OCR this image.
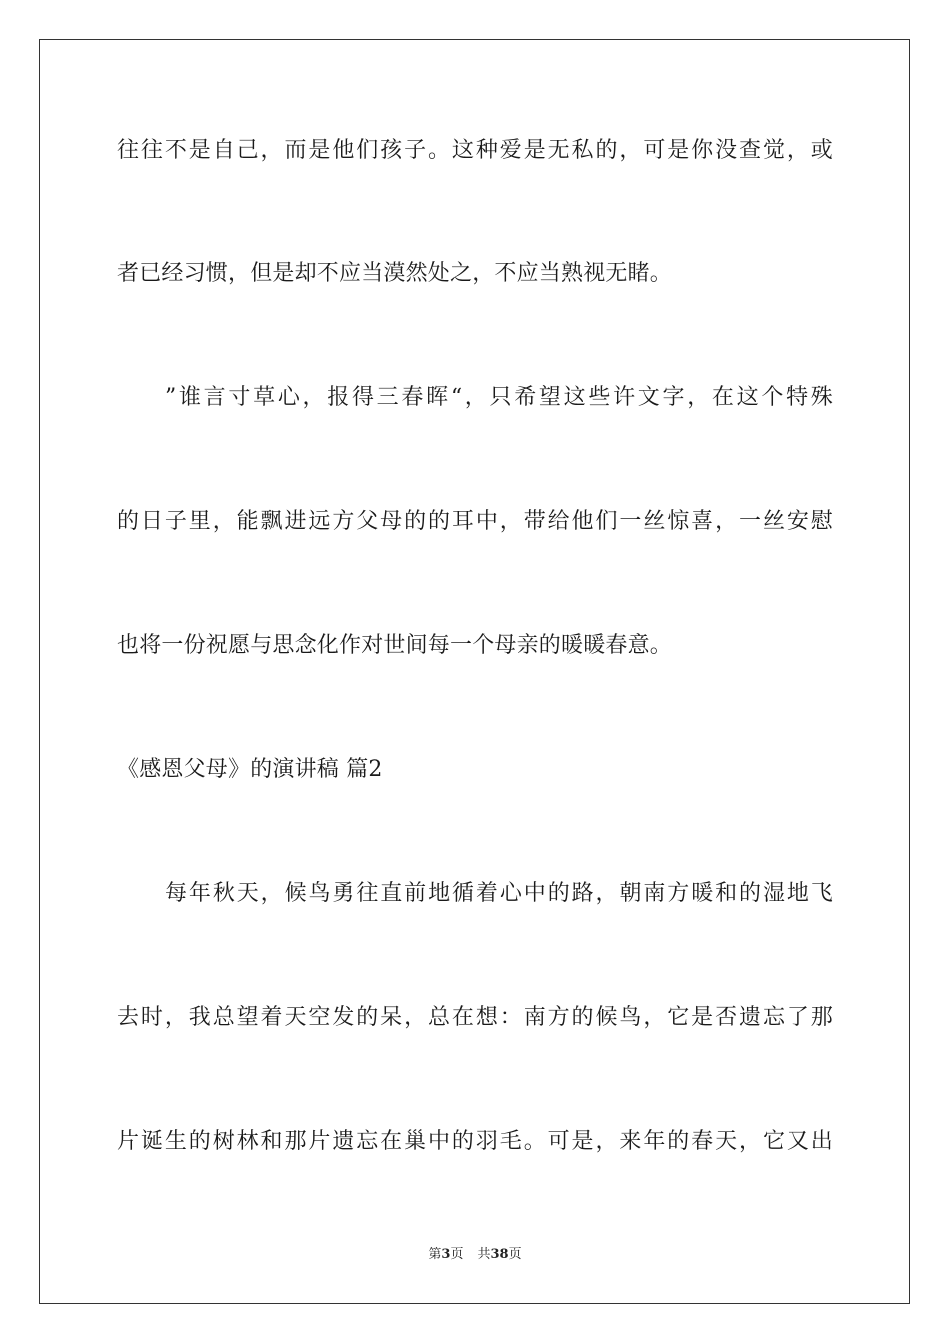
往往不是自己，而是他们孩子。这种爱是无私的，可是你没查觉，或
者已经习惯，但是却不应当漠然处之，不应当熟视无睹。
”谁言寸草心，报得三春晖“，只希望这些许文字，在这个特殊
的日子里，能飘进远方父母的的耳中，带给他们一丝惊喜，一丝安慰
也将一份祝愿与思念化作对世间每一个母亲的暖暖春意。
《感恩父母》的演讲稿 篇2
每年秋天，候鸟勇往直前地循着心中的路，朝南方暖和的湿地飞
去时，我总望着天空发的呆，总在想：南方的候鸟，它是否遗忘了那
片诞生的树林和那片遗忘在巢中的羽毛。可是，来年的春天，它又出
第3页 共38页
